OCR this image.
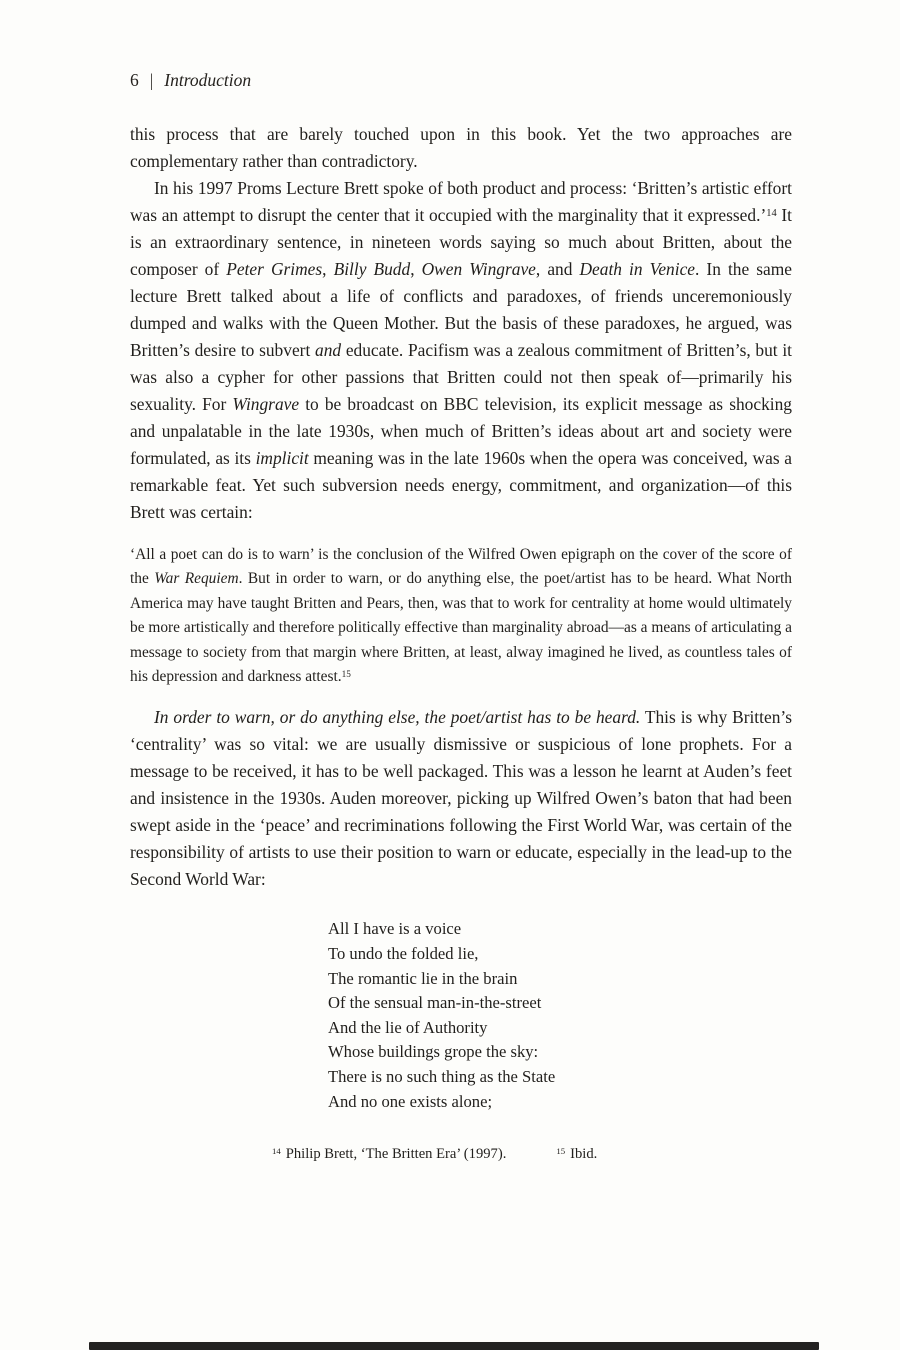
6 | Introduction

this process that are barely touched upon in this book. Yet the two approaches are complementary rather than contradictory.

In his 1997 Proms Lecture Brett spoke of both product and process: ‘Britten’s artistic effort was an attempt to disrupt the center that it occupied with the marginality that it expressed.’$^{14}$ It is an extraordinary sentence, in nineteen words saying so much about Britten, about the composer of Peter Grimes, Billy Budd, Owen Wingrave, and Death in Venice. In the same lecture Brett talked about a life of conflicts and paradoxes, of friends unceremoniously dumped and walks with the Queen Mother. But the basis of these paradoxes, he argued, was Britten’s desire to subvert and educate. Pacifism was a zealous commitment of Britten’s, but it was also a cypher for other passions that Britten could not then speak of—primarily his sexuality. For Wingrave to be broadcast on BBC television, its explicit message as shocking and unpalatable in the late 1930s, when much of Britten’s ideas about art and society were formulated, as its implicit meaning was in the late 1960s when the opera was conceived, was a remarkable feat. Yet such subversion needs energy, commitment, and organization—of this Brett was certain:

‘All a poet can do is to warn’ is the conclusion of the Wilfred Owen epigraph on the cover of the score of the War Requiem. But in order to warn, or do anything else, the poet/artist has to be heard. What North America may have taught Britten and Pears, then, was that to work for centrality at home would ultimately be more artistically and therefore politically effective than marginality abroad—as a means of articulating a message to society from that margin where Britten, at least, alway imagined he lived, as countless tales of his depression and darkness attest.$^{15}$

In order to warn, or do anything else, the poet/artist has to be heard. This is why Britten’s ‘centrality’ was so vital: we are usually dismissive or suspicious of lone prophets. For a message to be received, it has to be well packaged. This was a lesson he learnt at Auden’s feet and insistence in the 1930s. Auden moreover, picking up Wilfred Owen’s baton that had been swept aside in the ‘peace’ and recriminations following the First World War, was certain of the responsibility of artists to use their position to warn or educate, especially in the lead-up to the Second World War:

All I have is a voice
To undo the folded lie,
The romantic lie in the brain
Of the sensual man-in-the-street
And the lie of Authority
Whose buildings grope the sky:
There is no such thing as the State
And no one exists alone;
$^{14}$ Philip Brett, ‘The Britten Era’ (1997).	$^{15}$ Ibid.
